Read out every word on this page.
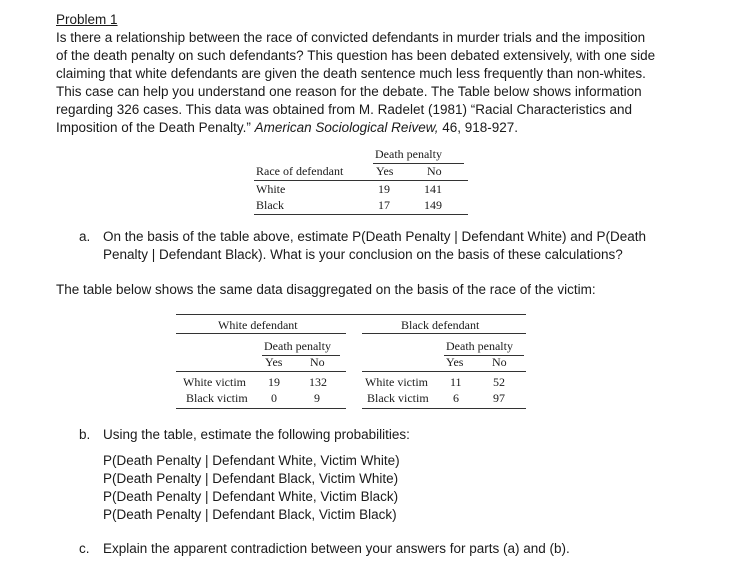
Problem 1
Is there a relationship between the race of convicted defendants in murder trials and the imposition of the death penalty on such defendants? This question has been debated extensively, with one side claiming that white defendants are given the death sentence much less frequently than non-whites. This case can help you understand one reason for the debate. The Table below shows information regarding 326 cases. This data was obtained from M. Radelet (1981) “Racial Characteristics and Imposition of the Death Penalty.” American Sociological Reivew, 46, 918-927.
Death penalty
Race of defendant	Yes	No
White	19	141
Black	17	149
a. On the basis of the table above, estimate P(Death Penalty | Defendant White) and P(Death Penalty | Defendant Black). What is your conclusion on the basis of these calculations?
The table below shows the same data disaggregated on the basis of the race of the victim:
White defendant	Black defendant
Death penalty
Yes No
Death penalty
Yes No
White victim 19 132	White victim 11	52
Black victim 0	9	Black victim 6	97
b. Using the table, estimate the following probabilities:
P(Death Penalty | Defendant White, Victim White)
P(Death Penalty | Defendant Black, Victim White)
P(Death Penalty | Defendant White, Victim Black)
P(Death Penalty | Defendant Black, Victim Black)
c. Explain the apparent contradiction between your answers for parts (a) and (b).
